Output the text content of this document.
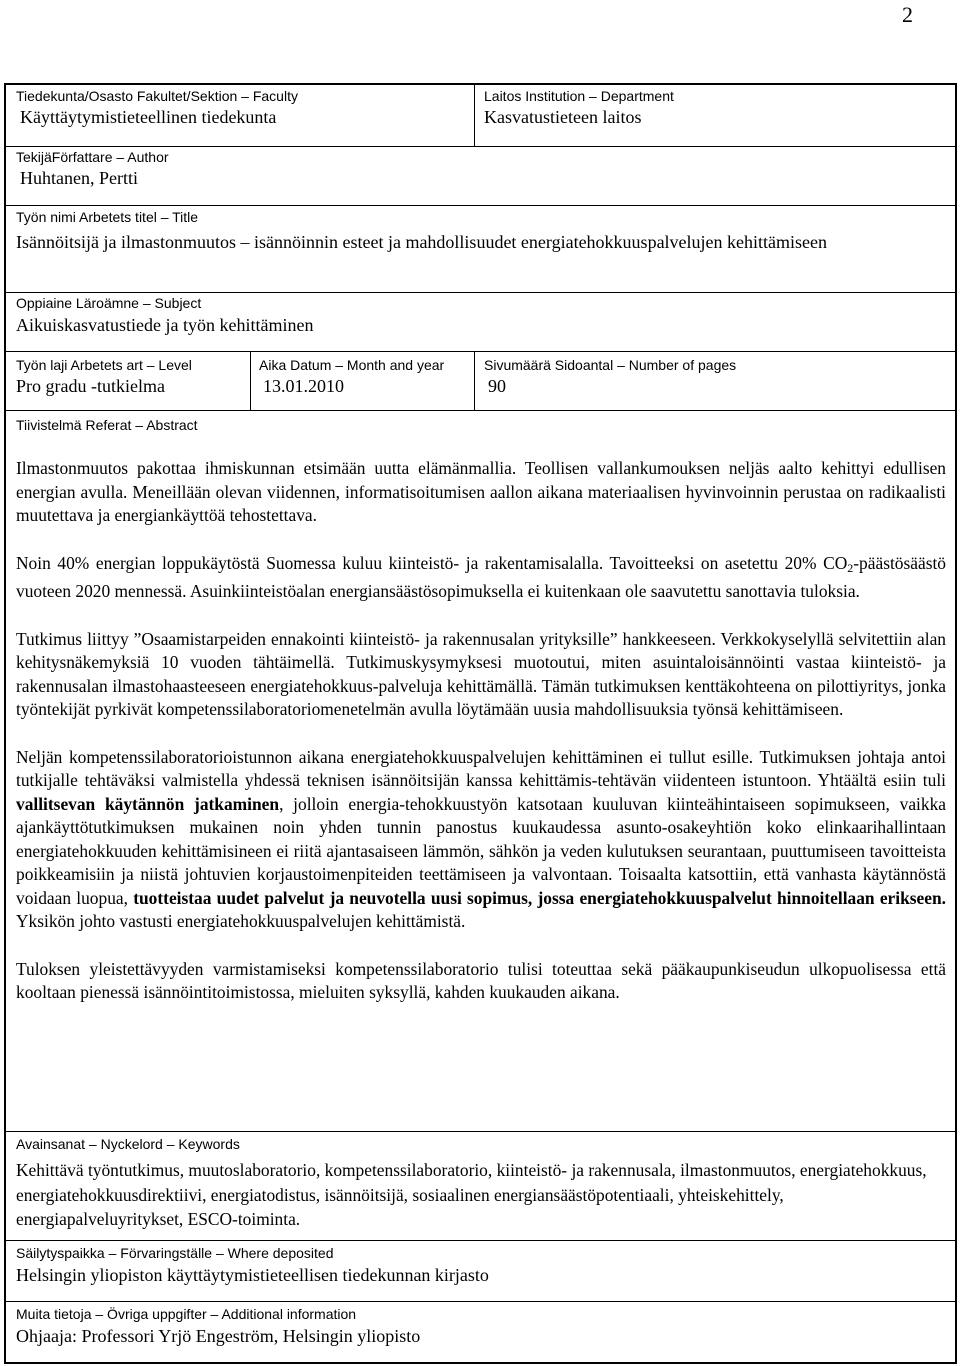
2
Tiedekunta/Osasto Fakultet/Sektion – Faculty
Käyttäytymistieteellinen tiedekunta
Laitos Institution – Department
Kasvatustieteen laitos
TekijäFörfattare – Author
Huhtanen, Pertti
Työn nimi Arbetets titel – Title
Isännöitsijä ja ilmastonmuutos – isännöinnin esteet ja mahdollisuudet energiatehokkuuspalvelujen kehittämiseen
Oppiaine Läroämne – Subject
Aikuiskasvatustiede ja työn kehittäminen
Työn laji Arbetets art – Level
Pro gradu -tutkielma
Aika Datum – Month and year
13.01.2010
Sivumäärä Sidoantal – Number of pages
90
Tiivistelmä Referat – Abstract

Ilmastonmuutos pakottaa ihmiskunnan etsimään uutta elämänmallia. Teollisen vallankumouksen neljäs aalto kehittyi edullisen energian avulla. Meneillään olevan viidennen, informatisoitumisen aallon aikana materiaalisen hyvinvoinnin perustaa on radikaalisti muutettava ja energiankäyttöä tehostettava.

Noin 40% energian loppukäytöstä Suomessa kuluu kiinteistö- ja rakentamisalalla. Tavoitteeksi on asetettu 20% $CO_2$-päästösäästö vuoteen 2020 mennessä. Asuinkiinteistöalan energiansäästösopimuksella ei kuitenkaan ole saavutettu sanottavia tuloksia.

Tutkimus liittyy ”Osaamistarpeiden ennakointi kiinteistö- ja rakennusalan yrityksille” hankkeeseen. Verkkokyselyllä selvitettiin alan kehitysnäkemyksiä 10 vuoden tähtäimellä. Tutkimuskysymyksesi muotoutui, miten asuintaloisännöinti vastaa kiinteistö- ja rakennusalan ilmastohaasteeseen energiatehokkuus-palveluja kehittämällä. Tämän tutkimuksen kenttäkohteena on pilottiyritys, jonka työntekijät pyrkivät kompetenssilaboratoriomenetelmän avulla löytämään uusia mahdollisuuksia työnsä kehittämiseen.

Neljän kompetenssilaboratorioistunnon aikana energiatehokkuuspalvelujen kehittäminen ei tullut esille. Tutkimuksen johtaja antoi tutkijalle tehtäväksi valmistella yhdessä teknisen isännöitsijän kanssa kehittämis-tehtävän viidenteen istuntoon. Yhtäältä esiin tuli vallitsevan käytännön jatkaminen, jolloin energia-tehokkuustyön katsotaan kuuluvan kiinteähintaiseen sopimukseen, vaikka ajankäyttötutkimuksen mukainen noin yhden tunnin panostus kuukaudessa asunto-osakeyhtiön koko elinkaarihallintaan energiatehokkuuden kehittämisineen ei riitä ajantasaiseen lämmön, sähkön ja veden kulutuksen seurantaan, puuttumiseen tavoitteista poikkeamisiin ja niistä johtuvien korjaustoimenpiteiden teettämiseen ja valvontaan. Toisaalta katsottiin, että vanhasta käytännöstä voidaan luopua, tuotteistaa uudet palvelut ja neuvotella uusi sopimus, jossa energiatehokkuuspalvelut hinnoitellaan erikseen. Yksikön johto vastusti energiatehokkuuspalvelujen kehittämistä.

Tuloksen yleistettävyyden varmistamiseksi kompetenssilaboratorio tulisi toteuttaa sekä pääkaupunkiseudun ulkopuolisessa että kooltaan pienessä isännöintitoimistossa, mieluiten syksyllä, kahden kuukauden aikana.

Avainsanat – Nyckelord – Keywords
Kehittävä työntutkimus, muutoslaboratorio, kompetenssilaboratorio, kiinteistö- ja rakennusala, ilmastonmuutos, energiatehokkuus, energiatehokkuusdirektiivi, energiatodistus, isännöitsijä, sosiaalinen energiansäästöpotentiaali, yhteiskehittely, energiapalveluyritykset, ESCO-toiminta.
Säilytyspaikka – Förvaringställe – Where deposited
Helsingin yliopiston käyttäytymistieteellisen tiedekunnan kirjasto
Muita tietoja – Övriga uppgifter – Additional information
Ohjaaja: Professori Yrjö Engeström, Helsingin yliopisto
